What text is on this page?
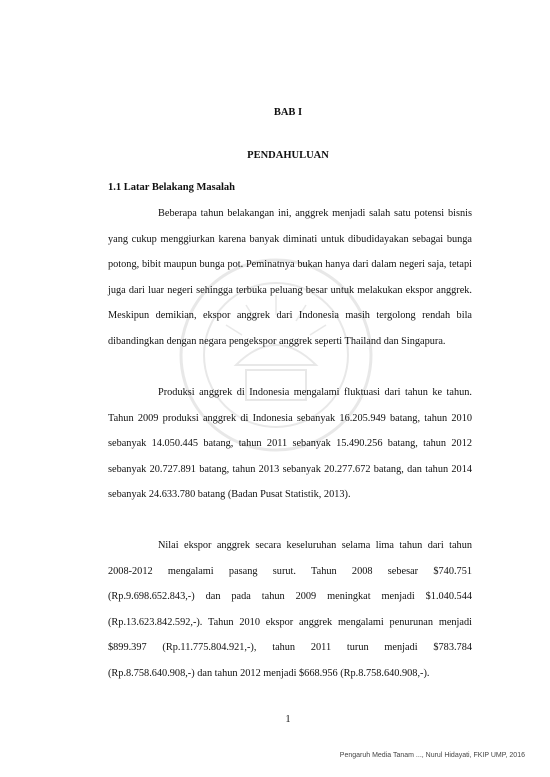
BAB I
PENDAHULUAN
1.1 Latar Belakang Masalah

Beberapa tahun belakangan ini, anggrek menjadi salah satu potensi bisnis yang cukup menggiurkan karena banyak diminati untuk dibudidayakan sebagai bunga potong, bibit maupun bunga pot. Peminatnya bukan hanya dari dalam negeri saja, tetapi juga dari luar negeri sehingga terbuka peluang besar untuk melakukan ekspor anggrek. Meskipun demikian, ekspor anggrek dari Indonesia masih tergolong rendah bila dibandingkan dengan negara pengekspor anggrek seperti Thailand dan Singapura.

Produksi anggrek di Indonesia mengalami fluktuasi dari tahun ke tahun. Tahun 2009 produksi anggrek di Indonesia sebanyak 16.205.949 batang, tahun 2010 sebanyak 14.050.445 batang, tahun 2011 sebanyak 15.490.256 batang, tahun 2012 sebanyak 20.727.891 batang, tahun 2013 sebanyak 20.277.672 batang, dan tahun 2014 sebanyak 24.633.780 batang (Badan Pusat Statistik, 2013).

Nilai ekspor anggrek secara keseluruhan selama lima tahun dari tahun 2008-2012 mengalami pasang surut. Tahun 2008 sebesar $740.751 (Rp.9.698.652.843,-) dan pada tahun 2009 meningkat menjadi $1.040.544 (Rp.13.623.842.592,-). Tahun 2010 ekspor anggrek mengalami penurunan menjadi $899.397 (Rp.11.775.804.921,-), tahun 2011 turun menjadi $783.784 (Rp.8.758.640.908,-) dan tahun 2012 menjadi $668.956 (Rp.8.758.640.908,-).

1
Pengaruh Media Tanam ..., Nurul Hidayati, FKIP UMP, 2016
